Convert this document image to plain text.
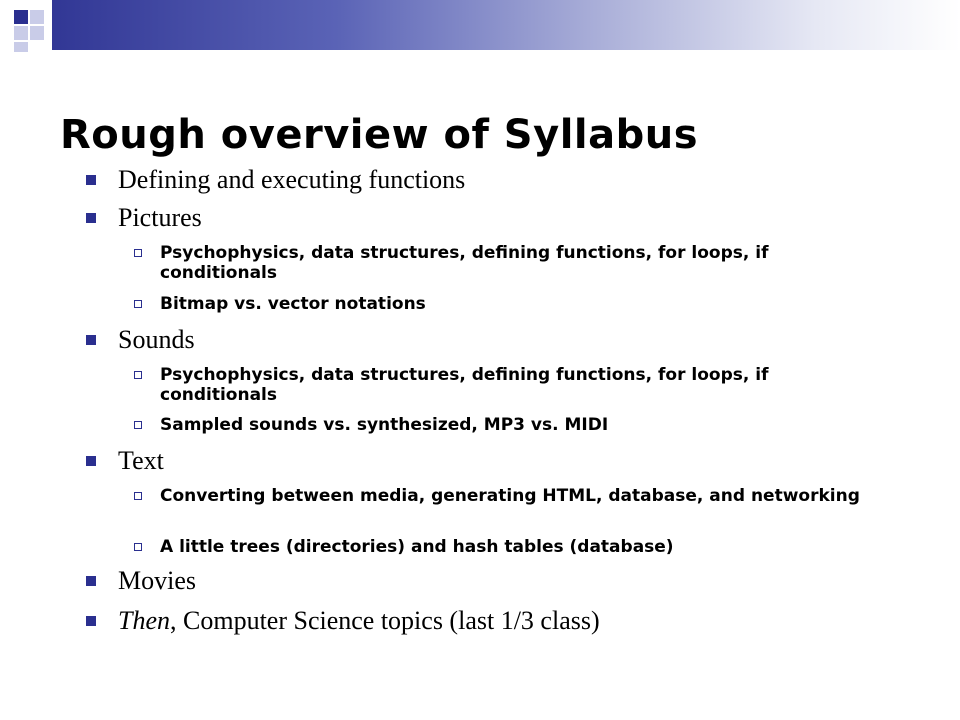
Rough overview of Syllabus
Defining and executing functions
Pictures
Psychophysics, data structures, defining functions, for loops, if conditionals
Bitmap vs. vector notations
Sounds
Psychophysics, data structures, defining functions, for loops, if conditionals
Sampled sounds vs. synthesized, MP3 vs. MIDI
Text
Converting between media, generating HTML, database, and networking
A little trees (directories) and hash tables (database)
Movies
Then, Computer Science topics (last 1/3 class)
